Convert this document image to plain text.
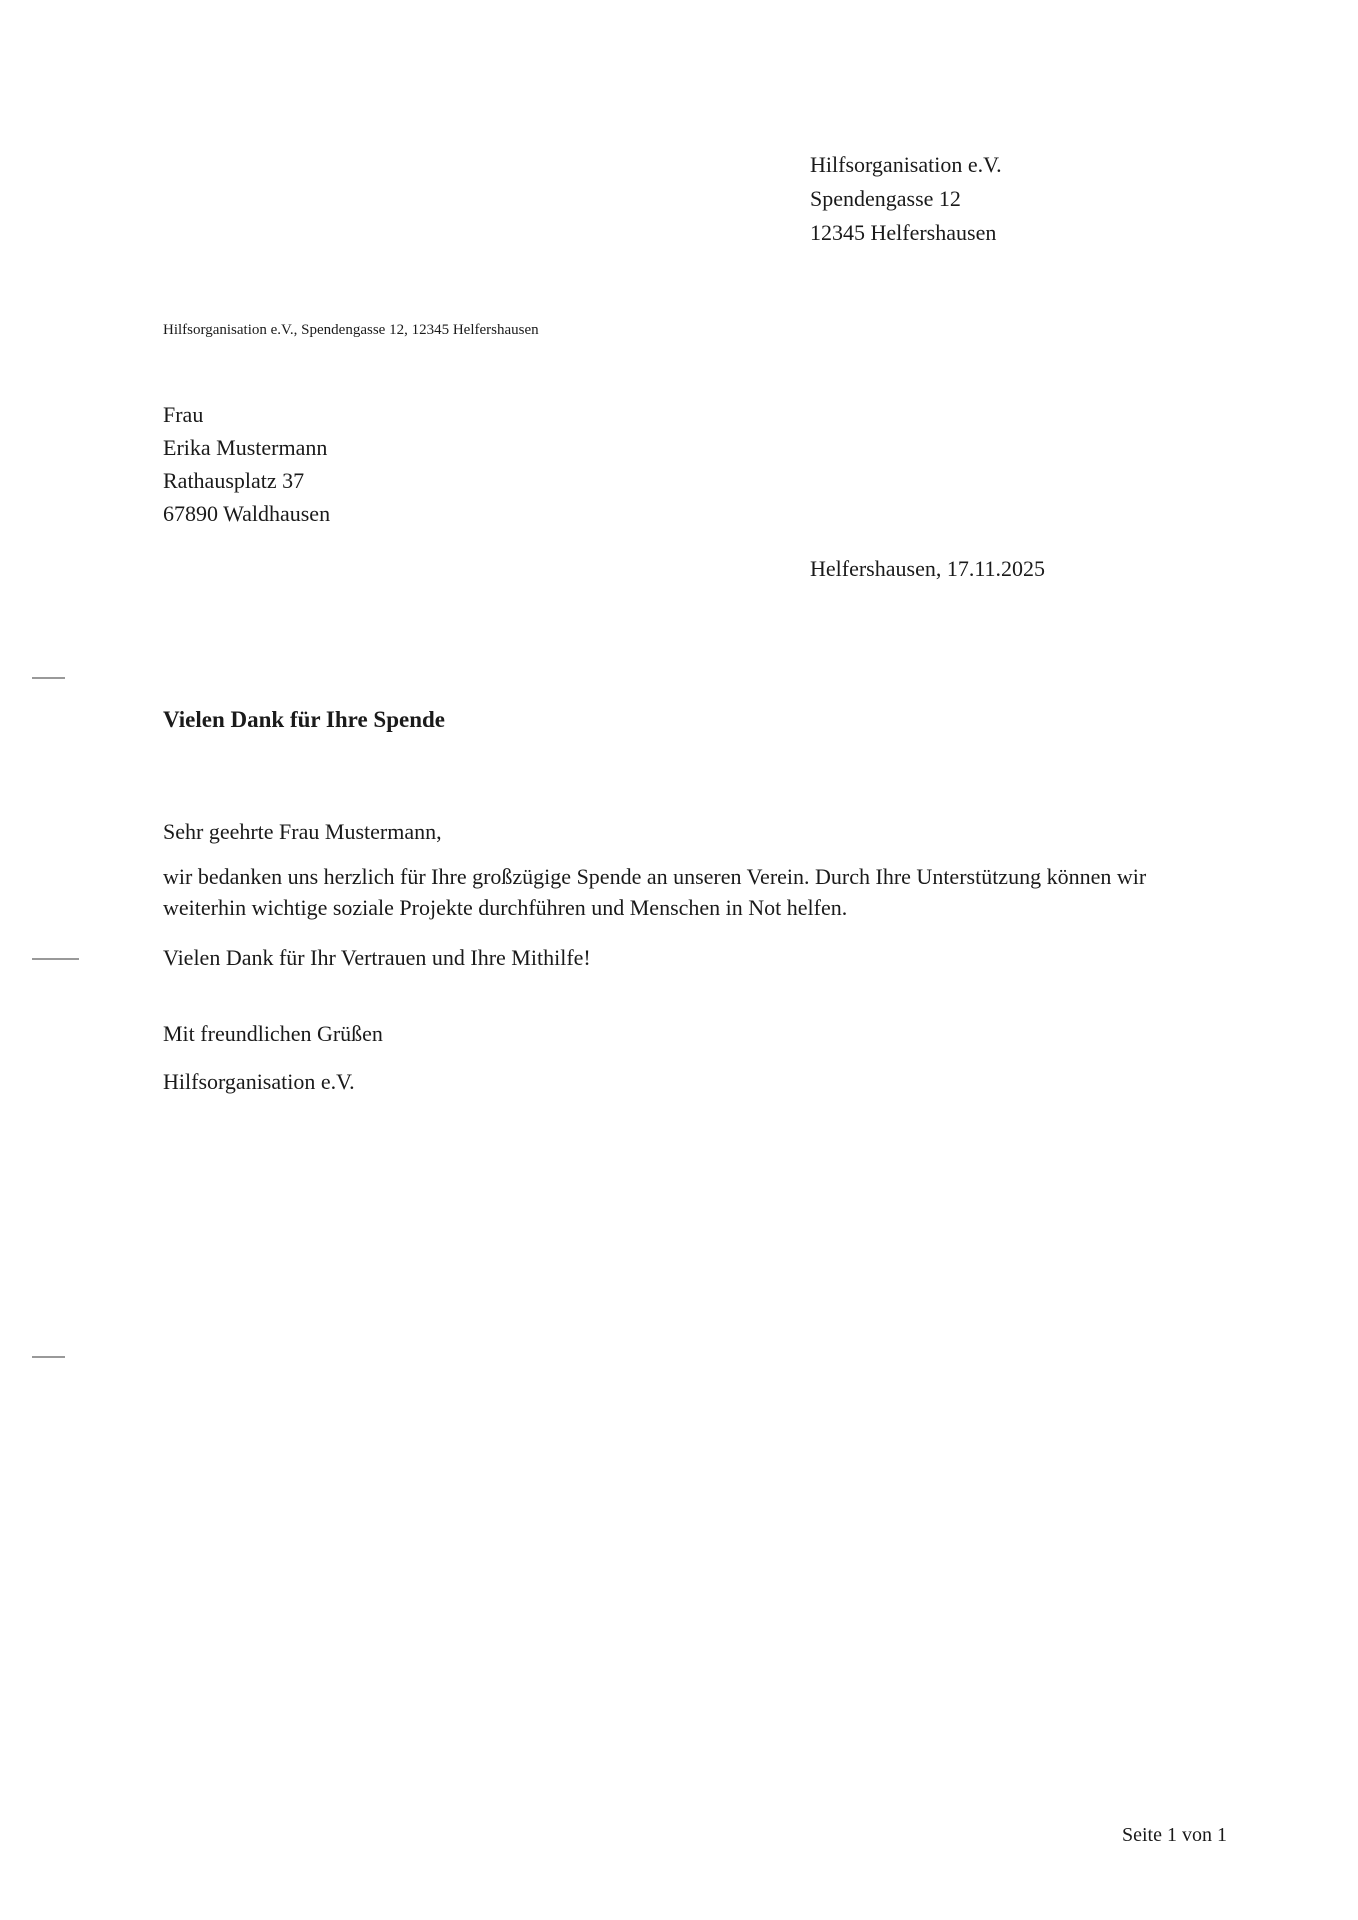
Hilfsorganisation e.V.
Spendengasse 12
12345 Helfershausen
Hilfsorganisation e.V., Spendengasse 12, 12345 Helfershausen
Frau
Erika Mustermann
Rathausplatz 37
67890 Waldhausen
Helfershausen, 17.11.2025
Vielen Dank für Ihre Spende

Sehr geehrte Frau Mustermann,

wir bedanken uns herzlich für Ihre großzügige Spende an unseren Verein. Durch Ihre Unterstützung können wir weiterhin wichtige soziale Projekte durchführen und Menschen in Not helfen.

Vielen Dank für Ihr Vertrauen und Ihre Mithilfe!

Mit freundlichen Grüßen

Hilfsorganisation e.V.

Seite 1 von 1
